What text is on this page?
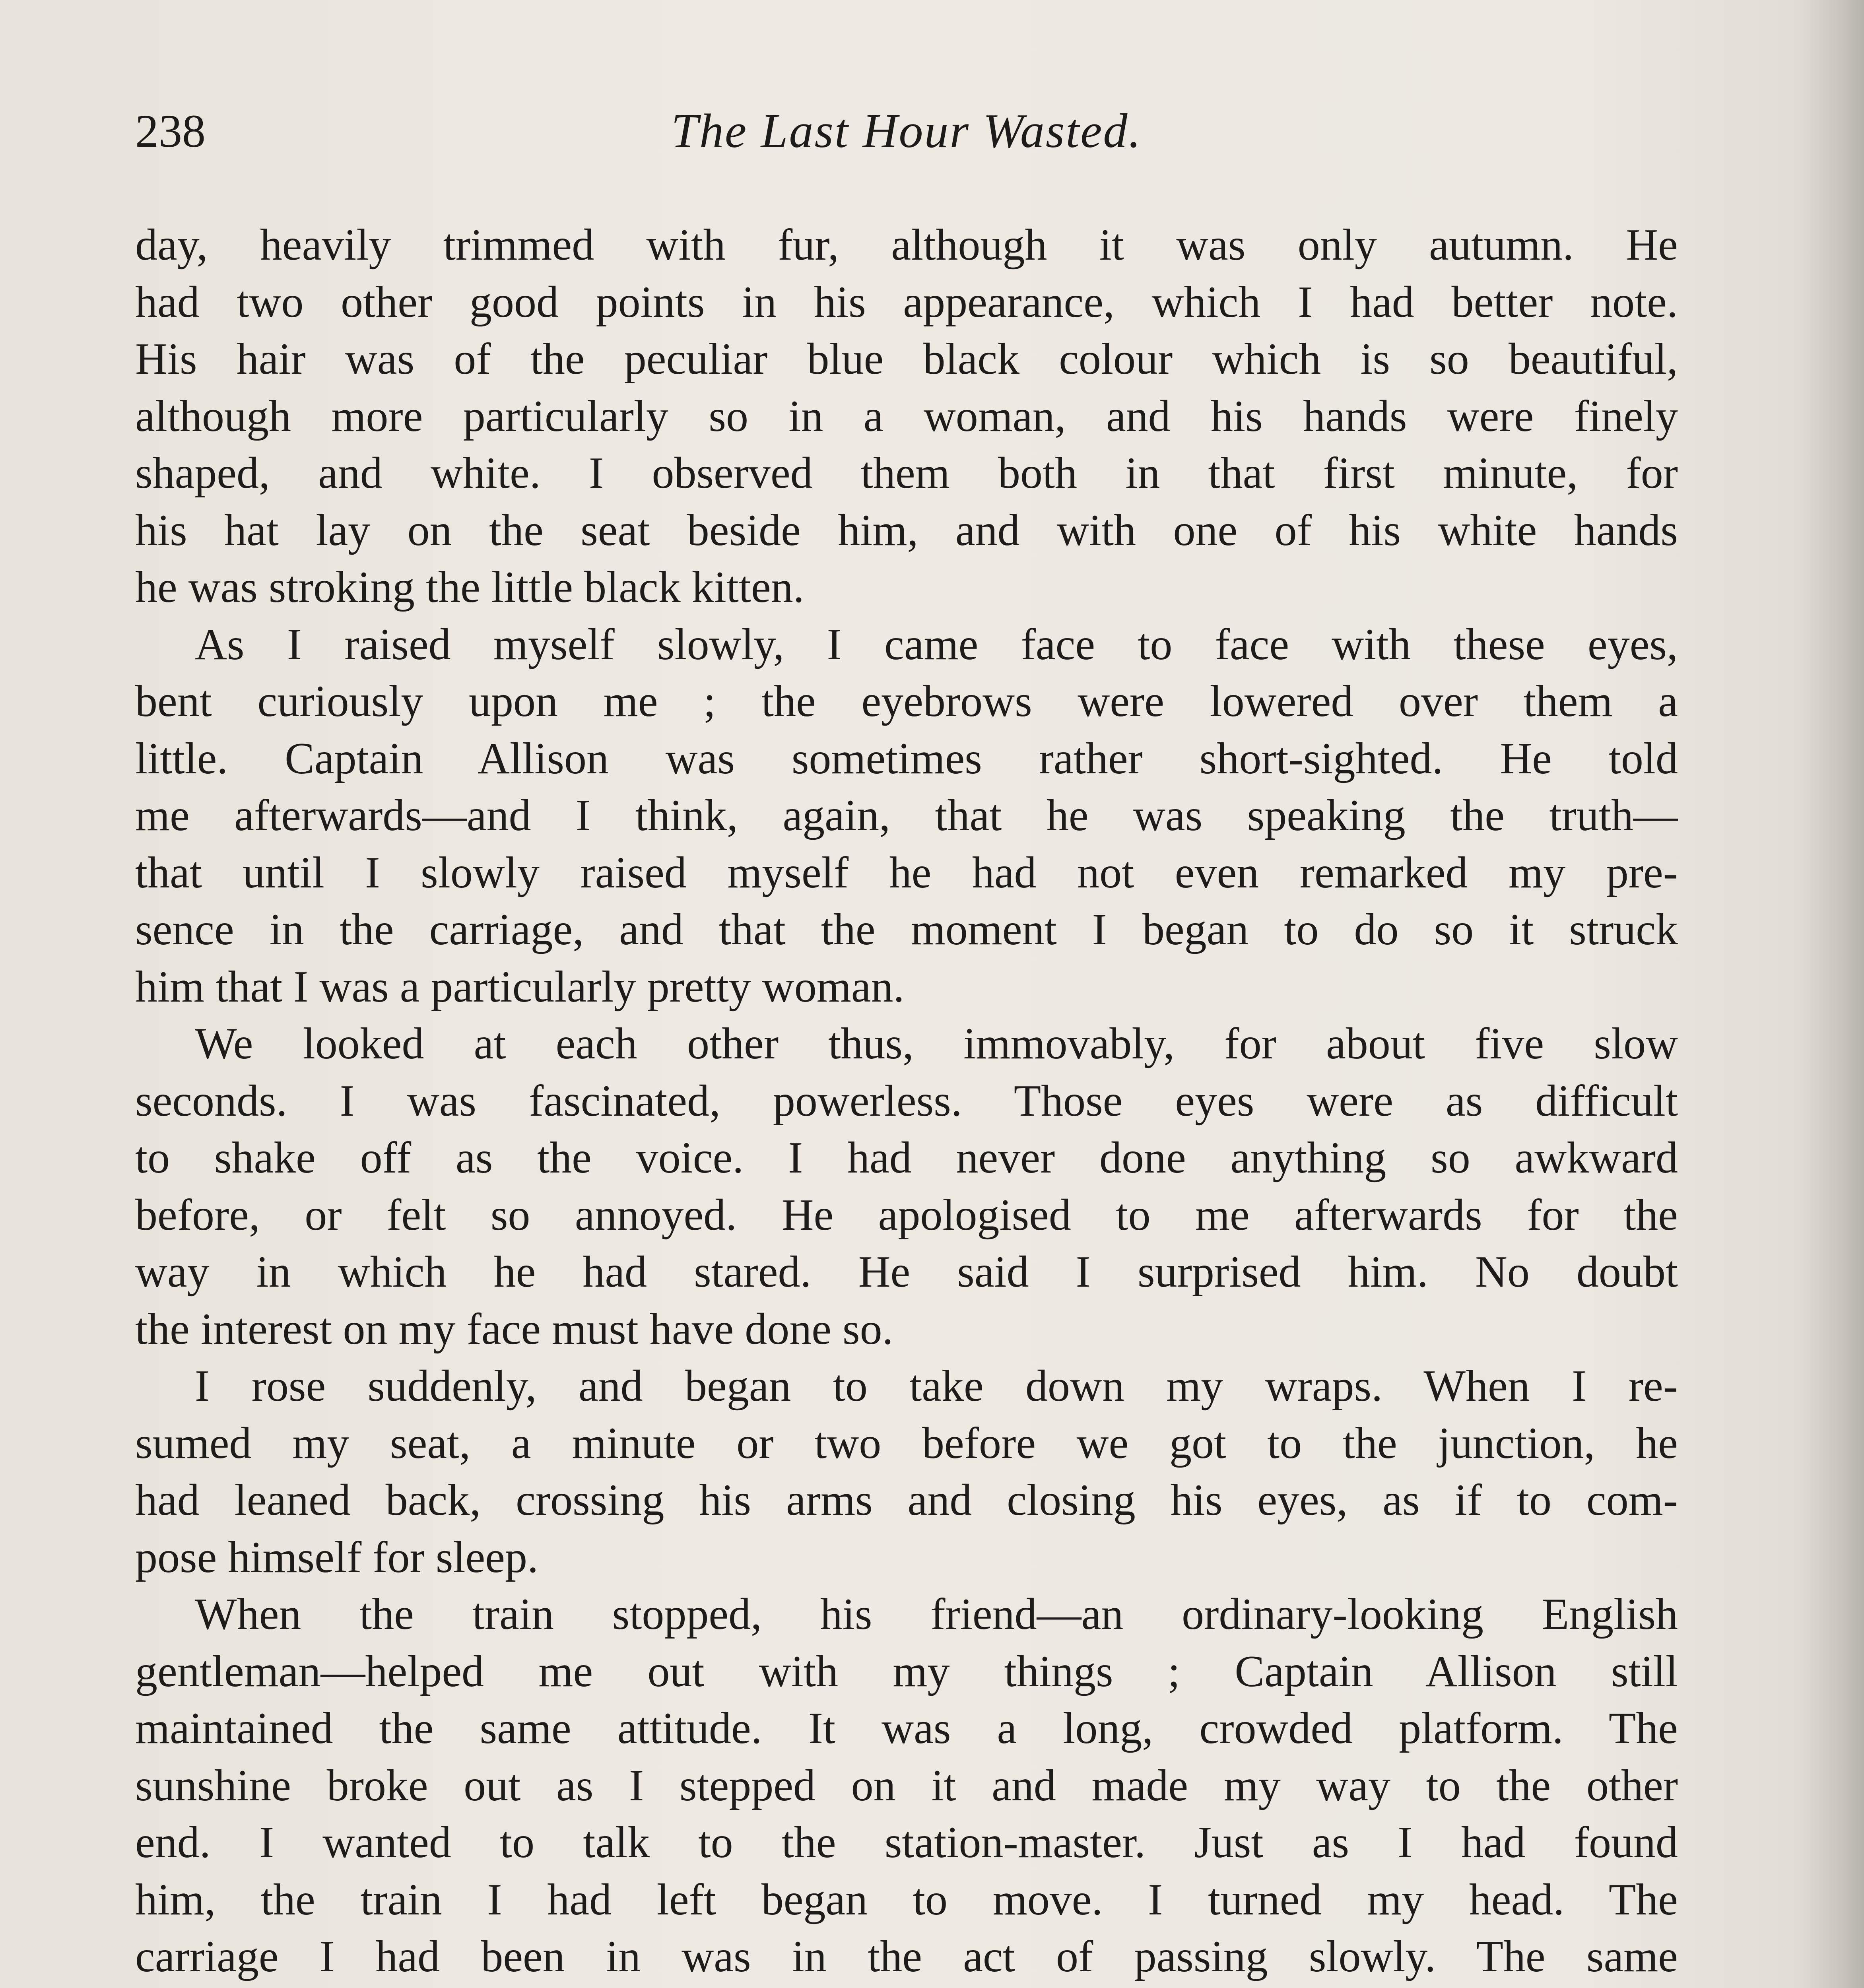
238	The Last Hour Wasted.
day, heavily trimmed with fur, although it was only autumn. He
had two other good points in his appearance, which I had better note.
His hair was of the peculiar blue black colour which is so beautiful,
although more particularly so in a woman, and his hands were finely
shaped, and white. I observed them both in that first minute, for
his hat lay on the seat beside him, and with one of his white hands
he was stroking the little black kitten.
As I raised myself slowly, I came face to face with these eyes,
bent curiously upon me ; the eyebrows were lowered over them a
little. Captain Allison was sometimes rather short-sighted. He told
me afterwards—and I think, again, that he was speaking the truth—
that until I slowly raised myself he had not even remarked my pre-
sence in the carriage, and that the moment I began to do so it struck
him that I was a particularly pretty woman.
We looked at each other thus, immovably, for about five slow
seconds. I was fascinated, powerless. Those eyes were as difficult
to shake off as the voice. I had never done anything so awkward
before, or felt so annoyed. He apologised to me afterwards for the
way in which he had stared. He said I surprised him. No doubt
the interest on my face must have done so.
I rose suddenly, and began to take down my wraps. When I re-
sumed my seat, a minute or two before we got to the junction, he
had leaned back, crossing his arms and closing his eyes, as if to com-
pose himself for sleep.
When the train stopped, his friend—an ordinary-looking English
gentleman—helped me out with my things ; Captain Allison still
maintained the same attitude. It was a long, crowded platform. The
sunshine broke out as I stepped on it and made my way to the other
end. I wanted to talk to the station-master. Just as I had found
him, the train I had left began to move. I turned my head. The
carriage I had been in was in the act of passing slowly. The same
